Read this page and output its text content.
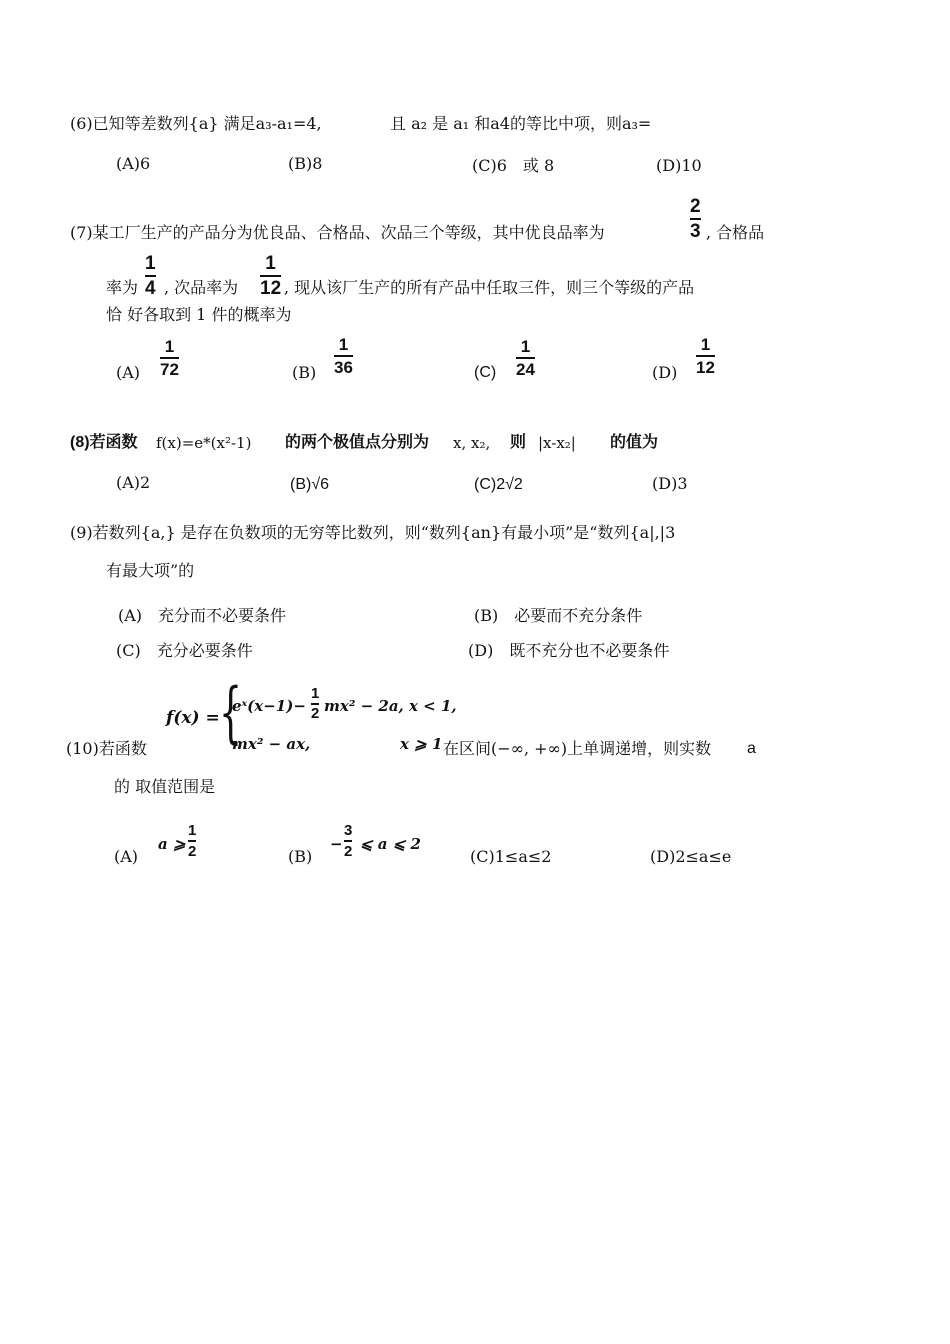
(6)已知等差数列{a} 满足a₃-a₁=4,	且 a₂ 是 a₁ 和a4的等比中项，则a₃=
(A)6	(B)8	(C)6　或 8	(D)10
(7)某工厂生产的产品分为优良品、合格品、次品三个等级，其中优良品率为
2
3 , 合格品
率为
1
4 , 次品率为
1
12 , 现从该厂生产的所有产品中任取三件，则三个等级的产品
恰 好各取到 1 件的概率为
(A)
1
72	(B)
1
36	(C)
1
24	(D)
1
12
(8)若函数 f(x)=e*(x²-1) 的两个极值点分别为 x, x₂, 则 |x-x₂| 的值为
(A)2	(B)√6	(C)2√2	(D)3
(9)若数列{a,} 是存在负数项的无穷等比数列，则“数列{an}有最小项”是“数列{a|,|3
有最大项”的
(A)　充分而不必要条件	(B)　必要而不充分条件
(C)　充分必要条件	(D)　既不充分也不必要条件
(10)若函数
f(x) = {
eˣ(x−1)−
1
2 mx² − 2a, x < 1,
mx² − ax,	x ⩾ 1 在区间(−∞, +∞)上单调递增，则实数 a
的 取值范围是
(A)
a ⩾
1
2	(B)
−
3
2 ⩽ a ⩽ 2
(C)1≤a≤2	(D)2≤a≤e
